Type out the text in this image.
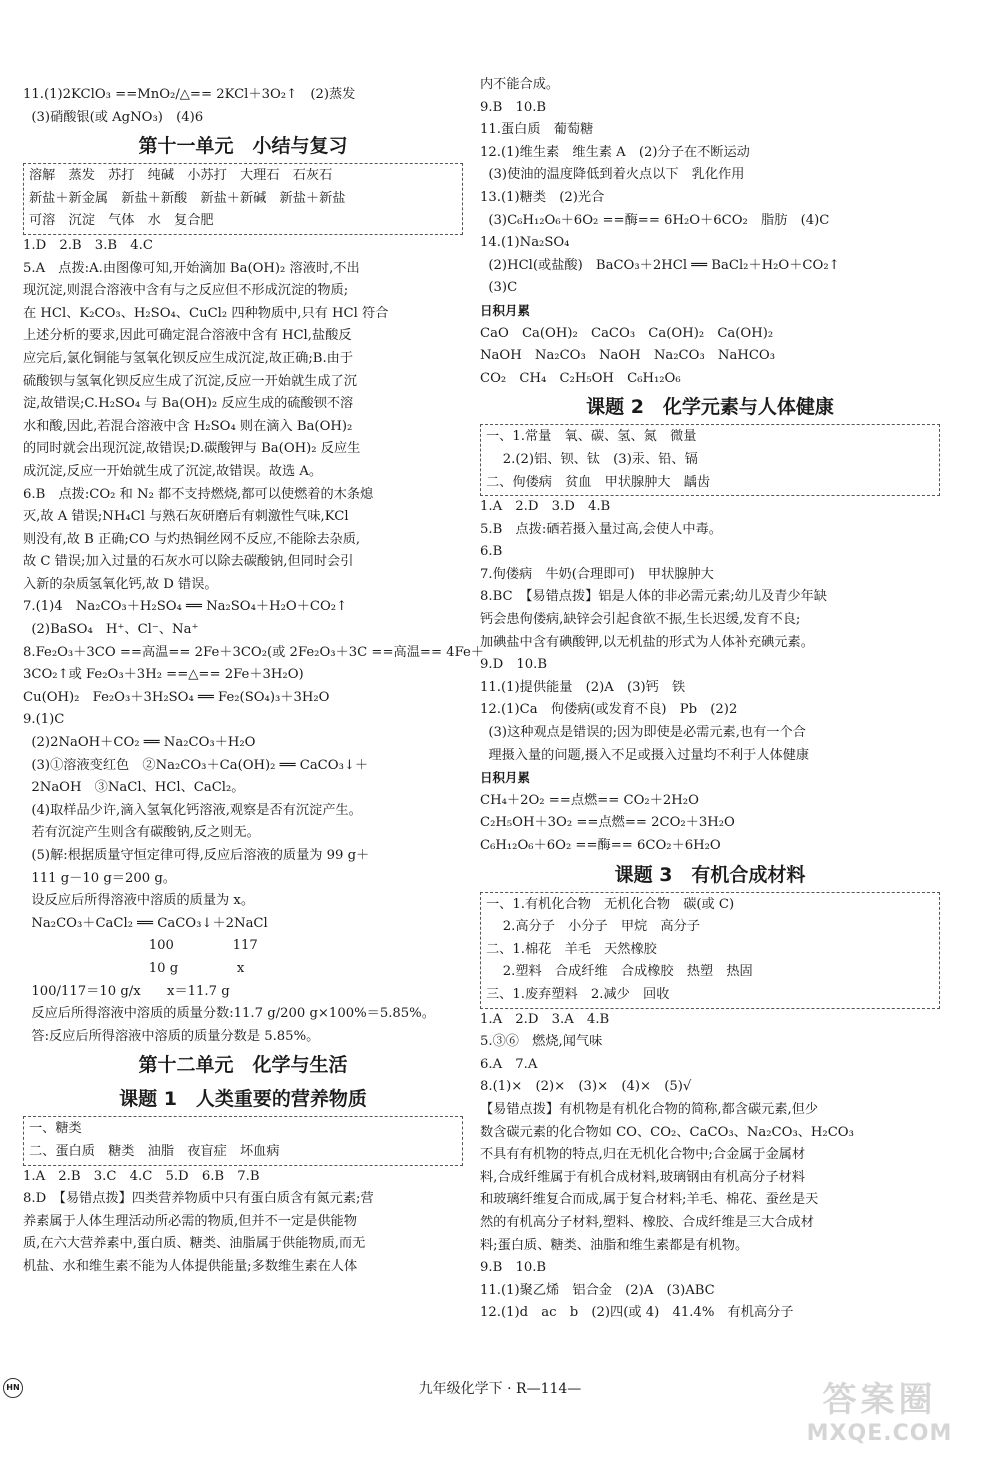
11.(1)2KClO₃ ==MnO₂/△== 2KCl＋3O₂↑　(2)蒸发
(3)硝酸银(或 AgNO₃)　(4)6
第十一单元　小结与复习
溶解　蒸发　苏打　纯碱　小苏打　大理石　石灰石
新盐＋新金属　新盐＋新酸　新盐＋新碱　新盐＋新盐
可溶　沉淀　气体　水　复合肥
1.D　2.B　3.B　4.C
5.A　点拨:A.由图像可知,开始滴加 Ba(OH)₂ 溶液时,不出
现沉淀,则混合溶液中含有与之反应但不形成沉淀的物质;
在 HCl、K₂CO₃、H₂SO₄、CuCl₂ 四种物质中,只有 HCl 符合
上述分析的要求,因此可确定混合溶液中含有 HCl,盐酸反
应完后,氯化铜能与氢氧化钡反应生成沉淀,故正确;B.由于
硫酸钡与氢氧化钡反应生成了沉淀,反应一开始就生成了沉
淀,故错误;C.H₂SO₄ 与 Ba(OH)₂ 反应生成的硫酸钡不溶
水和酸,因此,若混合溶液中含 H₂SO₄ 则在滴入 Ba(OH)₂
的同时就会出现沉淀,故错误;D.碳酸钾与 Ba(OH)₂ 反应生
成沉淀,反应一开始就生成了沉淀,故错误。故选 A。
6.B　点拨:CO₂ 和 N₂ 都不支持燃烧,都可以使燃着的木条熄
灭,故 A 错误;NH₄Cl 与熟石灰研磨后有刺激性气味,KCl
则没有,故 B 正确;CO 与灼热铜丝网不反应,不能除去杂质,
故 C 错误;加入过量的石灰水可以除去碳酸钠,但同时会引
入新的杂质氢氧化钙,故 D 错误。
7.(1)4　Na₂CO₃＋H₂SO₄ ══ Na₂SO₄＋H₂O＋CO₂↑
(2)BaSO₄　H⁺、Cl⁻、Na⁺
8.Fe₂O₃＋3CO ==高温== 2Fe＋3CO₂(或 2Fe₂O₃＋3C ==高温== 4Fe＋
3CO₂↑或 Fe₂O₃＋3H₂ ==△== 2Fe＋3H₂O)
Cu(OH)₂　Fe₂O₃＋3H₂SO₄ ══ Fe₂(SO₄)₃＋3H₂O
9.(1)C
(2)2NaOH＋CO₂ ══ Na₂CO₃＋H₂O
(3)①溶液变红色　②Na₂CO₃＋Ca(OH)₂ ══ CaCO₃↓＋
2NaOH　③NaCl、HCl、CaCl₂。
(4)取样品少许,滴入氢氧化钙溶液,观察是否有沉淀产生。
若有沉淀产生则含有碳酸钠,反之则无。
(5)解:根据质量守恒定律可得,反应后溶液的质量为 99 g＋
111 g－10 g＝200 g。
设反应后所得溶液中溶质的质量为 x。
Na₂CO₃＋CaCl₂ ══ CaCO₃↓＋2NaCl
100              117
10 g              x
100/117＝10 g/x　　x＝11.7 g
反应后所得溶液中溶质的质量分数:11.7 g/200 g×100%＝5.85%。
答:反应后所得溶液中溶质的质量分数是 5.85%。
第十二单元　化学与生活
课题 1　人类重要的营养物质
一、糖类
二、蛋白质　糖类　油脂　夜盲症　坏血病
1.A　2.B　3.C　4.C　5.D　6.B　7.B
8.D　【易错点拨】四类营养物质中只有蛋白质含有氮元素;营
养素属于人体生理活动所必需的物质,但并不一定是供能物
质,在六大营养素中,蛋白质、糖类、油脂属于供能物质,而无
机盐、水和维生素不能为人体提供能量;多数维生素在人体
内不能合成。
9.B　10.B
11.蛋白质　葡萄糖
12.(1)维生素　维生素 A　(2)分子在不断运动
(3)使油的温度降低到着火点以下　乳化作用
13.(1)糖类　(2)光合
(3)C₆H₁₂O₆＋6O₂ ==酶== 6H₂O＋6CO₂　脂肪　(4)C
14.(1)Na₂SO₄
(2)HCl(或盐酸)　BaCO₃＋2HCl ══ BaCl₂＋H₂O＋CO₂↑
(3)C
日积月累
CaO　Ca(OH)₂　CaCO₃　Ca(OH)₂　Ca(OH)₂
NaOH　Na₂CO₃　NaOH　Na₂CO₃　NaHCO₃
CO₂　CH₄　C₂H₅OH　C₆H₁₂O₆
课题 2　化学元素与人体健康
一、1.常量　氧、碳、氢、氮　微量
2.(2)铝、钡、钛　(3)汞、铅、镉
二、佝偻病　贫血　甲状腺肿大　龋齿
1.A　2.D　3.D　4.B
5.B　点拨:硒若摄入量过高,会使人中毒。
6.B
7.佝偻病　牛奶(合理即可)　甲状腺肿大
8.BC　【易错点拨】铝是人体的非必需元素;幼儿及青少年缺
钙会患佝偻病,缺锌会引起食欲不振,生长迟缓,发育不良;
加碘盐中含有碘酸钾,以无机盐的形式为人体补充碘元素。
9.D　10.B
11.(1)提供能量　(2)A　(3)钙　铁
12.(1)Ca　佝偻病(或发育不良)　Pb　(2)2
(3)这种观点是错误的;因为即使是必需元素,也有一个合
理摄入量的问题,摄入不足或摄入过量均不利于人体健康
日积月累
CH₄＋2O₂ ==点燃== CO₂＋2H₂O
C₂H₅OH＋3O₂ ==点燃== 2CO₂＋3H₂O
C₆H₁₂O₆＋6O₂ ==酶== 6CO₂＋6H₂O
课题 3　有机合成材料
一、1.有机化合物　无机化合物　碳(或 C)
2.高分子　小分子　甲烷　高分子
二、1.棉花　羊毛　天然橡胶
2.塑料　合成纤维　合成橡胶　热塑　热固
三、1.废弃塑料　2.减少　回收
1.A　2.D　3.A　4.B
5.③⑥　燃烧,闻气味
6.A　7.A
8.(1)×　(2)×　(3)×　(4)×　(5)√
【易错点拨】有机物是有机化合物的简称,都含碳元素,但少
数含碳元素的化合物如 CO、CO₂、CaCO₃、Na₂CO₃、H₂CO₃
不具有有机物的特点,归在无机化合物中;合金属于金属材
料,合成纤维属于有机合成材料,玻璃钢由有机高分子材料
和玻璃纤维复合而成,属于复合材料;羊毛、棉花、蚕丝是天
然的有机高分子材料,塑料、橡胶、合成纤维是三大合成材
料;蛋白质、糖类、油脂和维生素都是有机物。
9.B　10.B
11.(1)聚乙烯　铝合金　(2)A　(3)ABC
12.(1)d　ac　b　(2)四(或 4)　41.4%　有机高分子
HN	九年级化学下 · R—114—	答案圈
MXQE.COM
